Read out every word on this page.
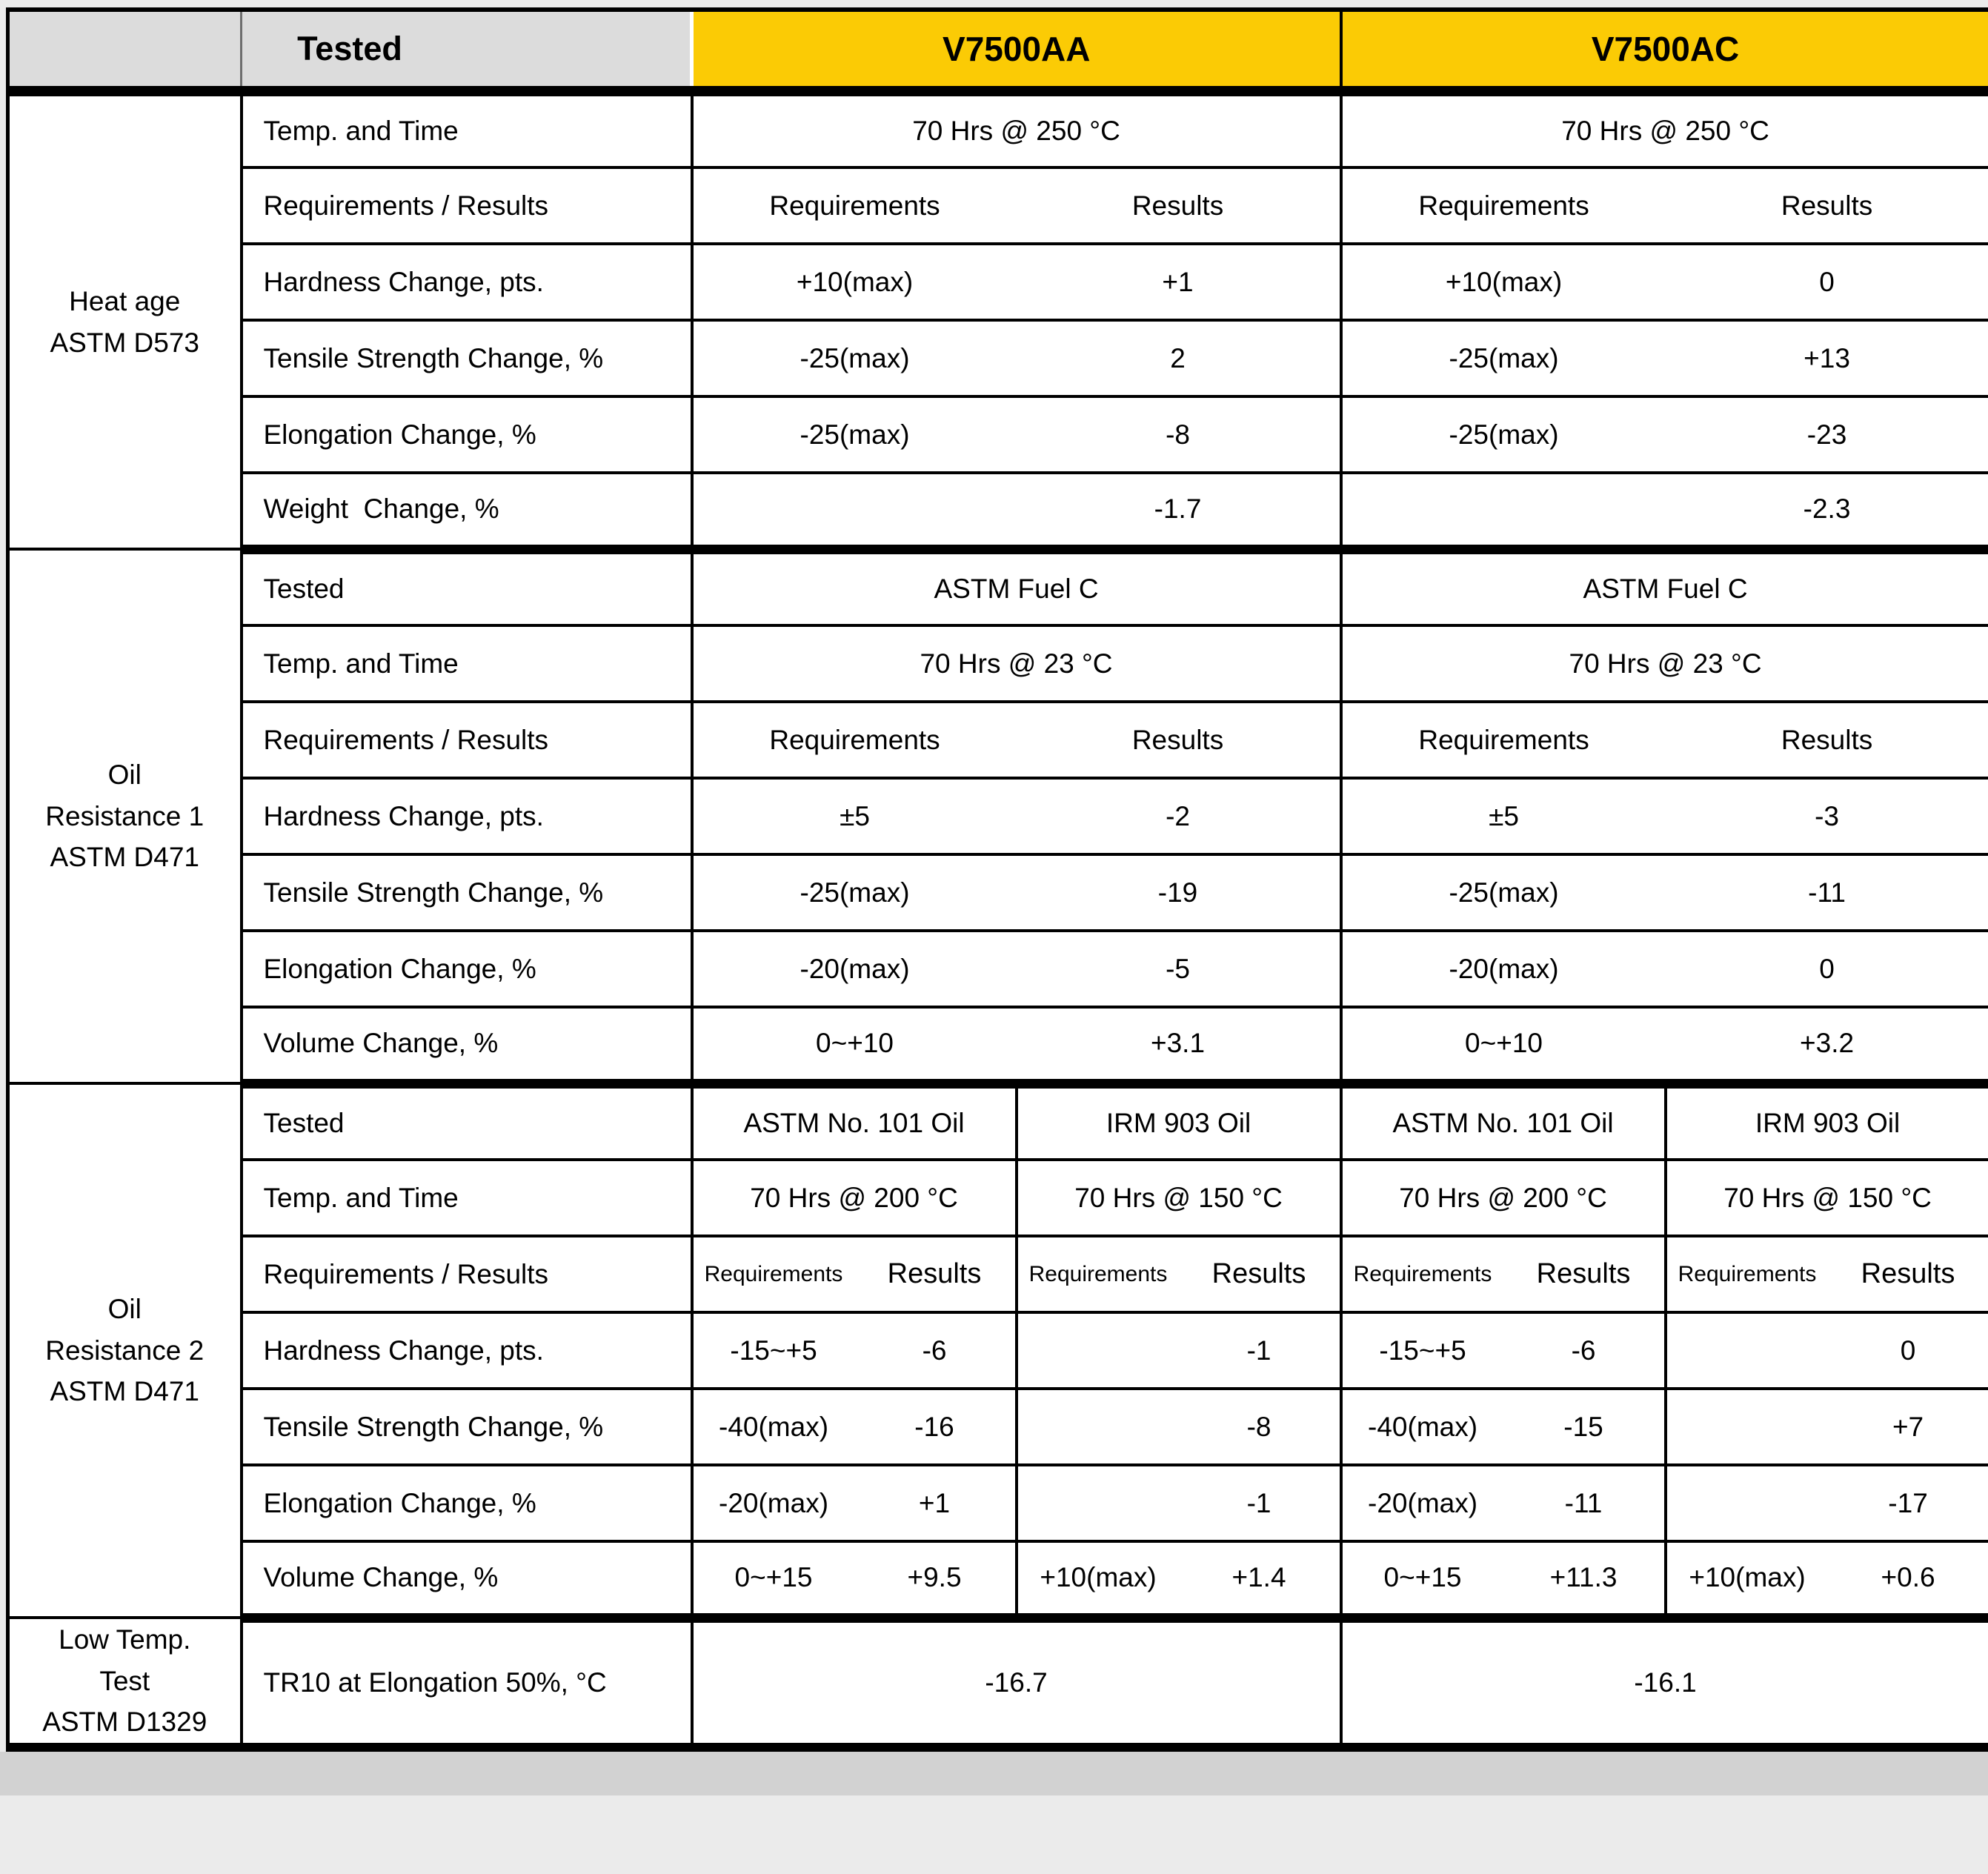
Tested		V7500AA				V7500AC			

Heat age
ASTM D573	Temp. and Time	70 Hrs @ 250 °C				70 Hrs @ 250 °C			
	Requirements / Results	Requirements		Results		Requirements		Results	
	Hardness Change, pts.	+10(max)		+1		+10(max)		0	
	Tensile Strength Change, %	-25(max)		2		-25(max)		+13	
	Elongation Change, %	-25(max)		-8		-25(max)		-23	
	Weight  Change, %			-1.7				-2.3	

Oil
Resistance 1
ASTM D471	Tested	ASTM Fuel C				ASTM Fuel C			
	Temp. and Time	70 Hrs @ 23 °C				70 Hrs @ 23 °C			
	Requirements / Results	Requirements		Results		Requirements		Results	
	Hardness Change, pts.	±5		-2		±5		-3	
	Tensile Strength Change, %	-25(max)		-19		-25(max)		-11	
	Elongation Change, %	-20(max)		-5		-20(max)		0	
	Volume Change, %	0~+10		+3.1		0~+10		+3.2	

Oil
Resistance 2
ASTM D471	Tested	ASTM No. 101 Oil		IRM 903 Oil		ASTM No. 101 Oil		IRM 903 Oil	
	Temp. and Time	70 Hrs @ 200 °C		70 Hrs @ 150 °C		70 Hrs @ 200 °C		70 Hrs @ 150 °C	
	Requirements / Results	Requirements	Results	Requirements	Results	Requirements	Results	Requirements	Results
	Hardness Change, pts.	-15~+5	-6		-1	-15~+5	-6		0
	Tensile Strength Change, %	-40(max)	-16		-8	-40(max)	-15		+7
	Elongation Change, %	-20(max)	+1		-1	-20(max)	-11		-17
	Volume Change, %	0~+15	+9.5	+10(max)	+1.4	0~+15	+11.3	+10(max)	+0.6

Low Temp.
Test
ASTM D1329	TR10 at Elongation 50%, °C	-16.7				-16.1			
